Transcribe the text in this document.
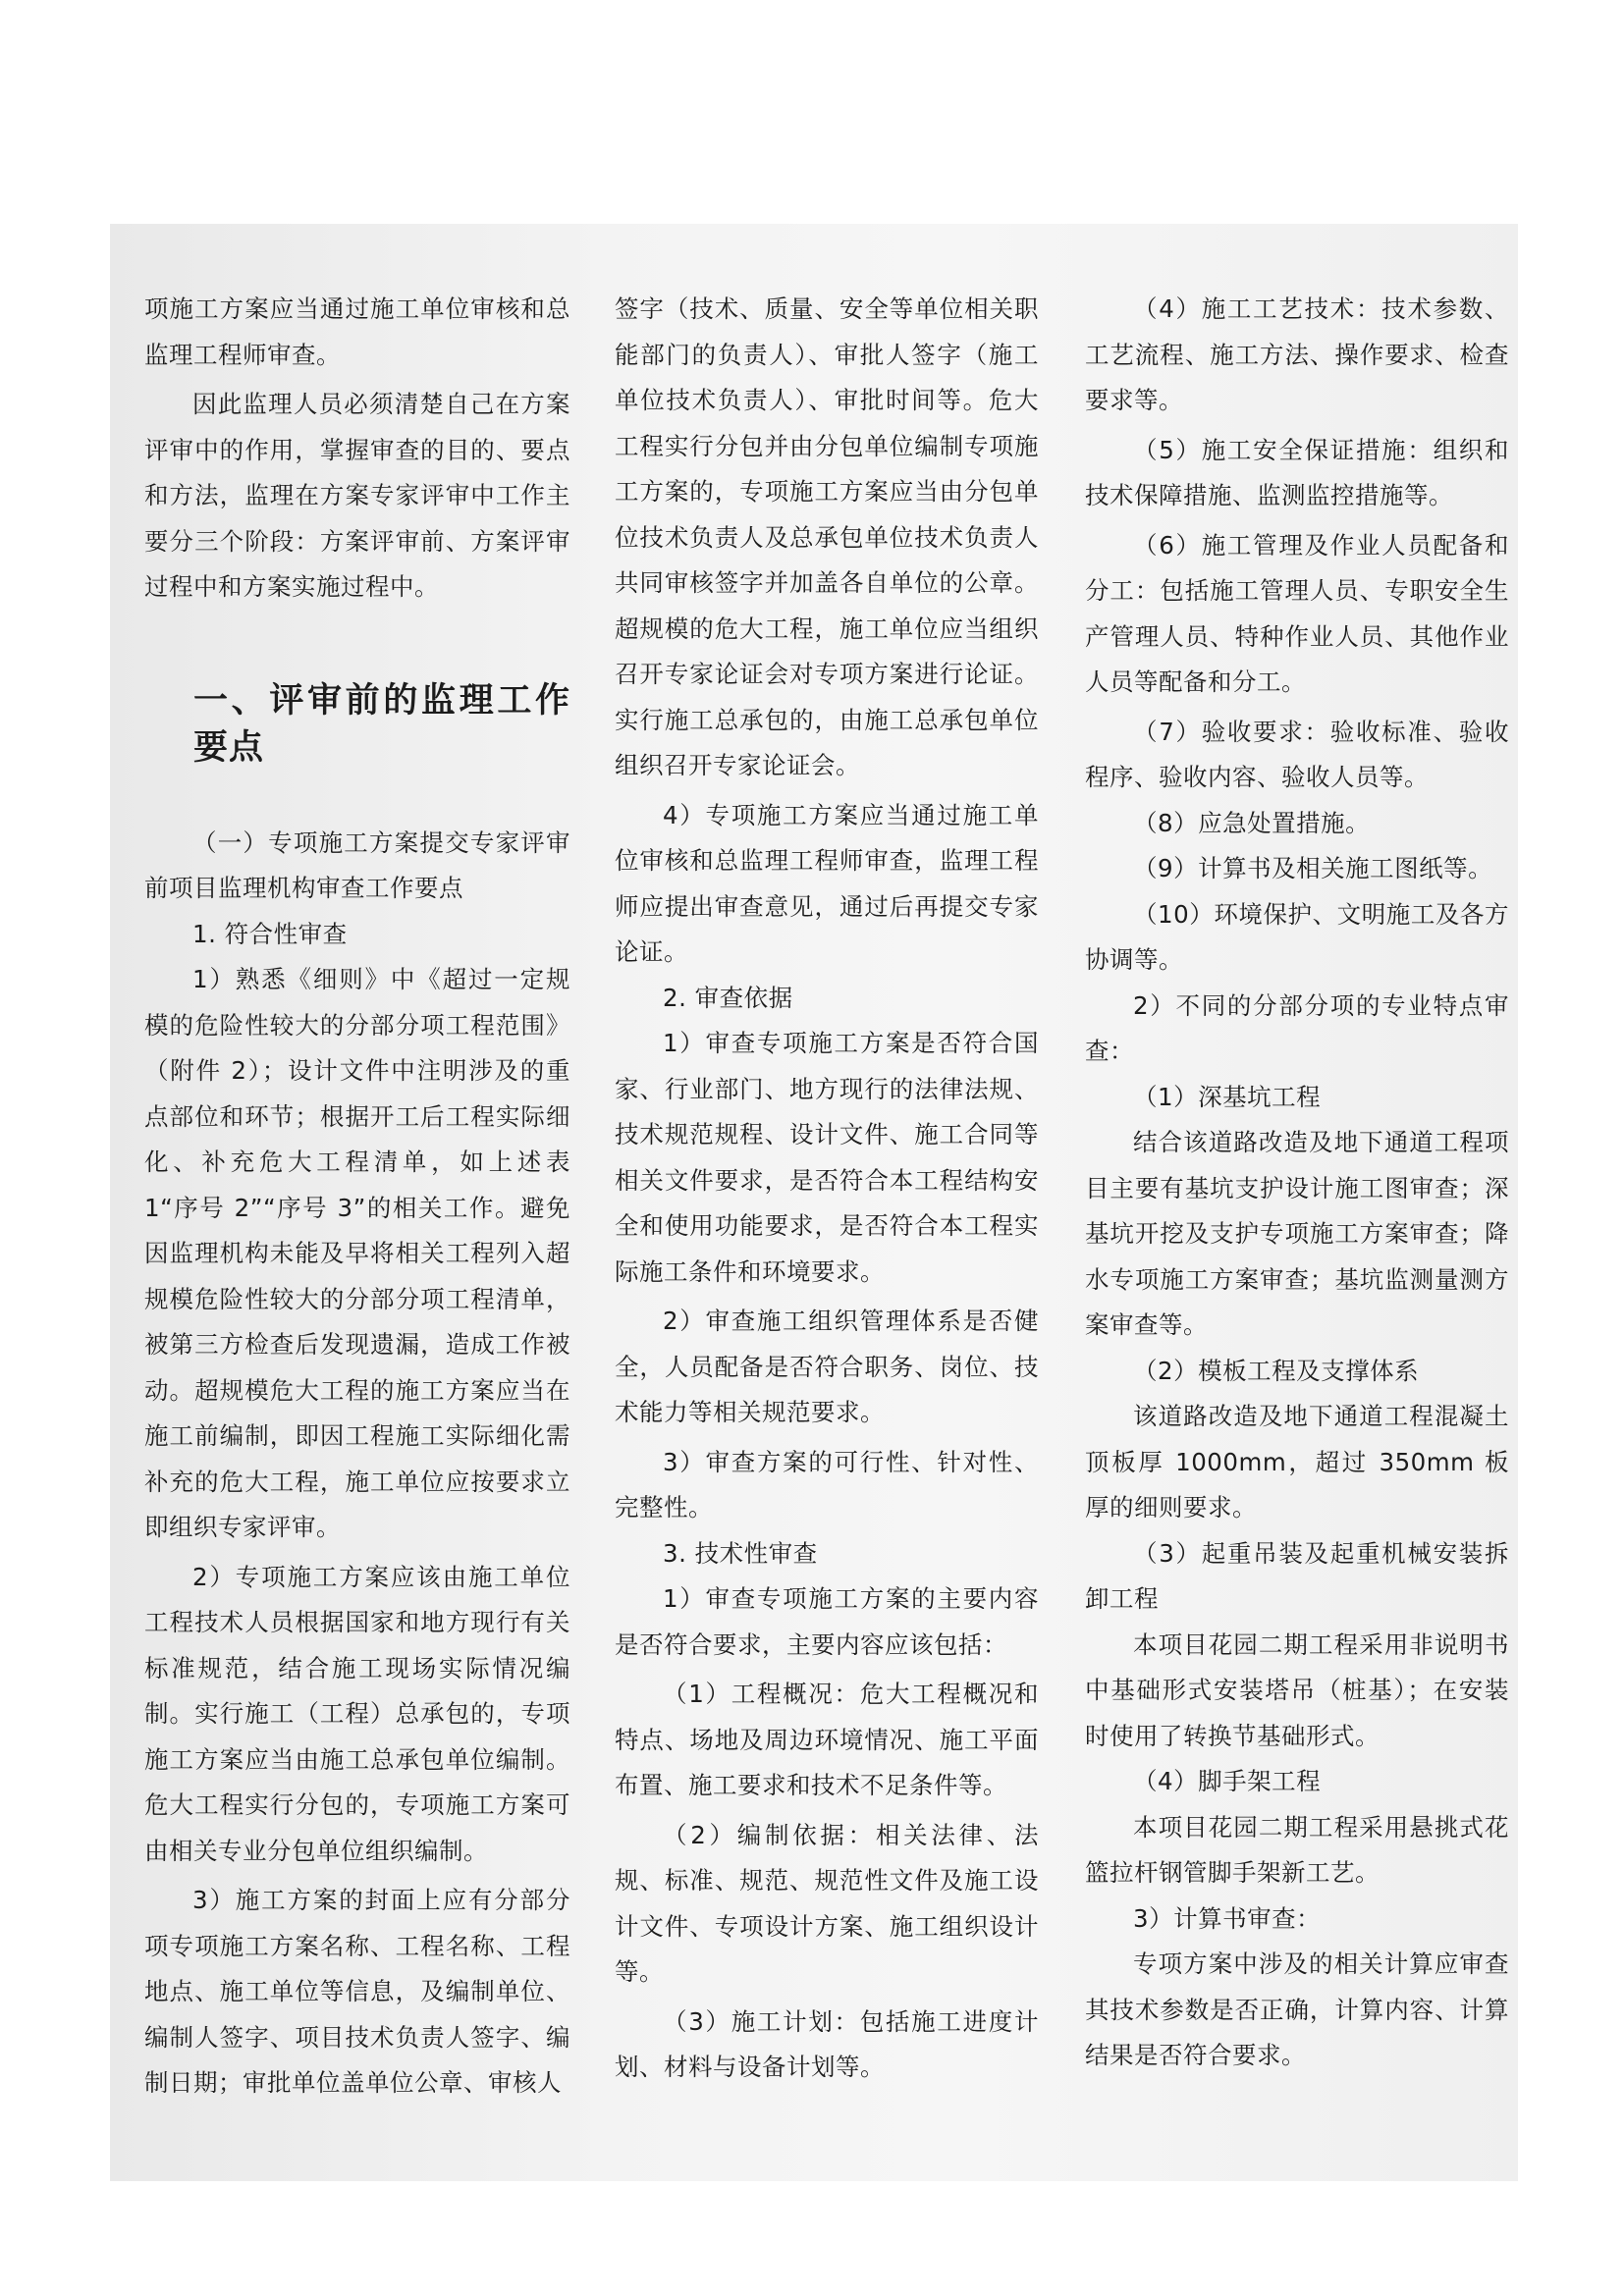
项施工方案应当通过施工单位审核和总监理工程师审查。

因此监理人员必须清楚自己在方案评审中的作用，掌握审查的目的、要点和方法，监理在方案专家评审中工作主要分三个阶段：方案评审前、方案评审过程中和方案实施过程中。

一、评审前的监理工作要点

（一）专项施工方案提交专家评审前项目监理机构审查工作要点

1. 符合性审查

1）熟悉《细则》中《超过一定规模的危险性较大的分部分项工程范围》（附件 2）；设计文件中注明涉及的重点部位和环节；根据开工后工程实际细化、补充危大工程清单，如上述表 1“序号 2”“序号 3”的相关工作。避免因监理机构未能及早将相关工程列入超规模危险性较大的分部分项工程清单，被第三方检查后发现遗漏，造成工作被动。超规模危大工程的施工方案应当在施工前编制，即因工程施工实际细化需补充的危大工程，施工单位应按要求立即组织专家评审。

2）专项施工方案应该由施工单位工程技术人员根据国家和地方现行有关标准规范，结合施工现场实际情况编制。实行施工（工程）总承包的，专项施工方案应当由施工总承包单位编制。危大工程实行分包的，专项施工方案可由相关专业分包单位组织编制。

3）施工方案的封面上应有分部分项专项施工方案名称、工程名称、工程地点、施工单位等信息，及编制单位、编制人签字、项目技术负责人签字、编制日期；审批单位盖单位公章、审核人

签字（技术、质量、安全等单位相关职能部门的负责人）、审批人签字（施工单位技术负责人）、审批时间等。危大工程实行分包并由分包单位编制专项施工方案的，专项施工方案应当由分包单位技术负责人及总承包单位技术负责人共同审核签字并加盖各自单位的公章。超规模的危大工程，施工单位应当组织召开专家论证会对专项方案进行论证。实行施工总承包的，由施工总承包单位组织召开专家论证会。

4）专项施工方案应当通过施工单位审核和总监理工程师审查，监理工程师应提出审查意见，通过后再提交专家论证。

2. 审查依据

1）审查专项施工方案是否符合国家、行业部门、地方现行的法律法规、技术规范规程、设计文件、施工合同等相关文件要求，是否符合本工程结构安全和使用功能要求，是否符合本工程实际施工条件和环境要求。

2）审查施工组织管理体系是否健全，人员配备是否符合职务、岗位、技术能力等相关规范要求。

3）审查方案的可行性、针对性、完整性。

3. 技术性审查

1）审查专项施工方案的主要内容是否符合要求，主要内容应该包括：

（1）工程概况：危大工程概况和特点、场地及周边环境情况、施工平面布置、施工要求和技术不足条件等。

（2）编制依据：相关法律、法规、标准、规范、规范性文件及施工设计文件、专项设计方案、施工组织设计等。

（3）施工计划：包括施工进度计划、材料与设备计划等。

（4）施工工艺技术：技术参数、工艺流程、施工方法、操作要求、检查要求等。

（5）施工安全保证措施：组织和技术保障措施、监测监控措施等。

（6）施工管理及作业人员配备和分工：包括施工管理人员、专职安全生产管理人员、特种作业人员、其他作业人员等配备和分工。

（7）验收要求：验收标准、验收程序、验收内容、验收人员等。

（8）应急处置措施。

（9）计算书及相关施工图纸等。

（10）环境保护、文明施工及各方协调等。

2）不同的分部分项的专业特点审查：

（1）深基坑工程

结合该道路改造及地下通道工程项目主要有基坑支护设计施工图审查；深基坑开挖及支护专项施工方案审查；降水专项施工方案审查；基坑监测量测方案审查等。

（2）模板工程及支撑体系

该道路改造及地下通道工程混凝土顶板厚 1000mm，超过 350mm 板厚的细则要求。

（3）起重吊装及起重机械安装拆卸工程

本项目花园二期工程采用非说明书中基础形式安装塔吊（桩基）；在安装时使用了转换节基础形式。

（4）脚手架工程

本项目花园二期工程采用悬挑式花篮拉杆钢管脚手架新工艺。

3）计算书审查：

专项方案中涉及的相关计算应审查其技术参数是否正确，计算内容、计算结果是否符合要求。
